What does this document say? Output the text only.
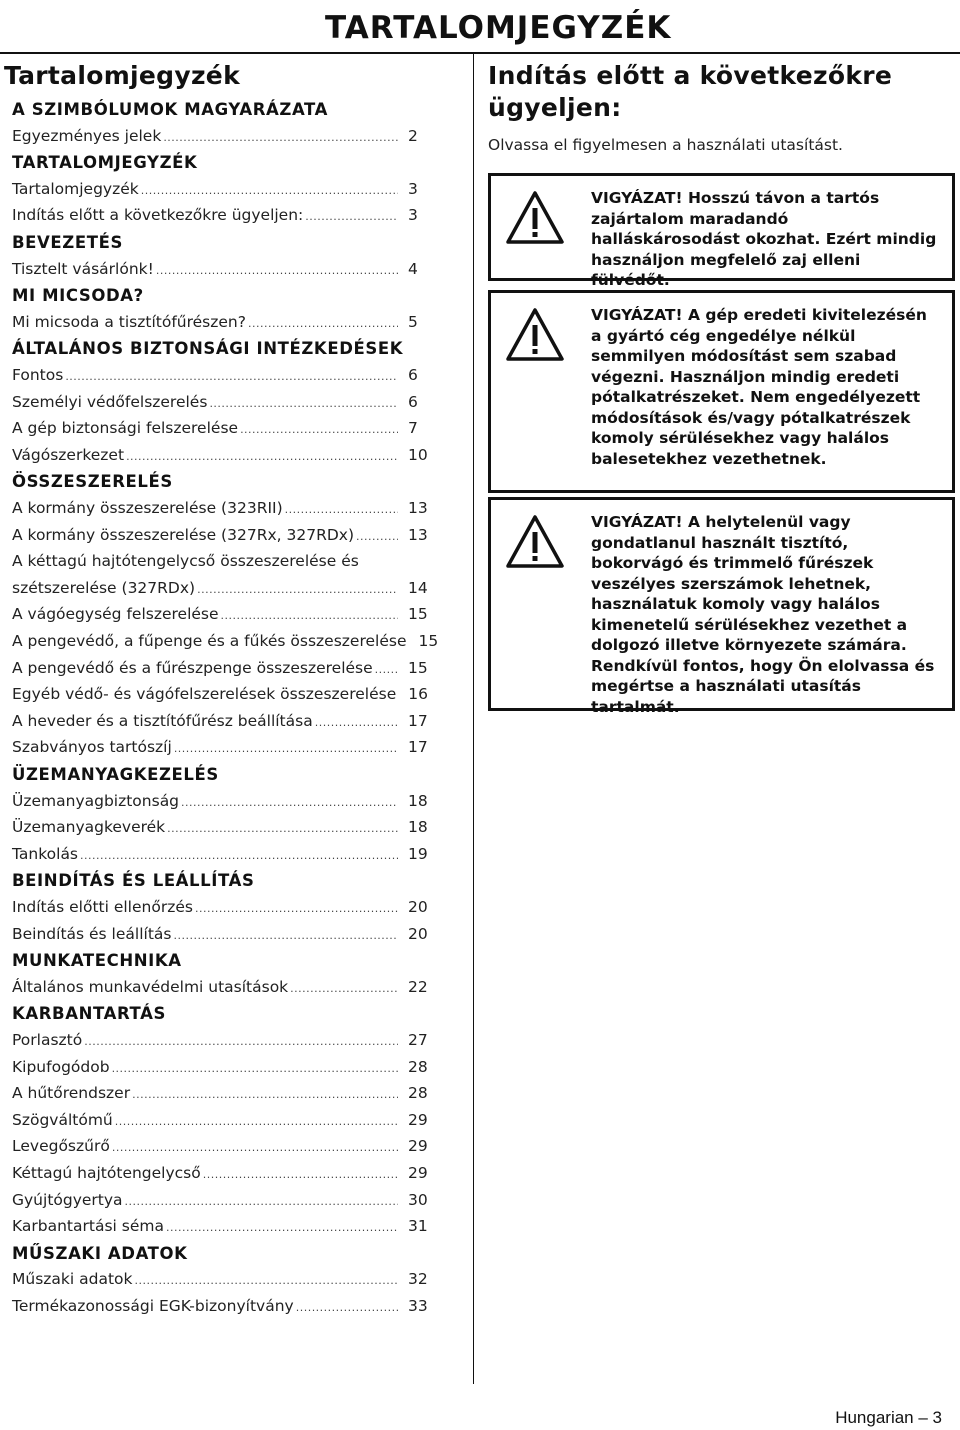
TARTALOMJEGYZÉK
Tartalomjegyzék
A SZIMBÓLUMOK MAGYARÁZATA
Egyezményes jelek .....	2
TARTALOMJEGYZÉK
Tartalomjegyzék .....	3
Indítás előtt a következőkre ügyeljen: .....	3
BEVEZETÉS
Tisztelt vásárlónk! .....	4
MI MICSODA?
Mi micsoda a tisztítófűrészen? .....	5
ÁLTALÁNOS BIZTONSÁGI INTÉZKEDÉSEK
Fontos .....	6
Személyi védőfelszerelés .....	6
A gép biztonsági felszerelése .....	7
Vágószerkezet .....	10
ÖSSZESZERELÉS
A kormány összeszerelése (323RII) .....	13
A kormány összeszerelése (327Rx, 327RDx) .....	13
A kéttagú hajtótengelycső összeszerelése és
szétszerelése (327RDx) .....	14
A vágóegység felszerelése .....	15
A pengevédő, a fűpenge és a fűkés összeszerelése 15
A pengevédő és a fűrészpenge összeszerelése .....	15
Egyéb védő- és vágófelszerelések összeszerelése 16
A heveder és a tisztítófűrész beállítása .....	17
Szabványos tartószíj .....	17
ÜZEMANYAGKEZELÉS
Üzemanyagbiztonság .....	18
Üzemanyagkeverék .....	18
Tankolás .....	19
BEINDÍTÁS ÉS LEÁLLÍTÁS
Indítás előtti ellenőrzés .....	20
Beindítás és leállítás .....	20
MUNKATECHNIKA
Általános munkavédelmi utasítások .....	22
KARBANTARTÁS
Porlasztó .....	27
Kipufogódob .....	28
A hűtőrendszer .....	28
Szögváltómű .....	29
Levegőszűrő .....	29
Kéttagú hajtótengelycső .....	29
Gyújtógyertya .....	30
Karbantartási séma .....	31
MŰSZAKI ADATOK
Műszaki adatok .....	32
Termékazonossági EGK-bizonyítvány .....	33
Indítás előtt a következőkre
ügyeljen:
Olvassa el figyelmesen a használati utasítást.
VIGYÁZAT! Hosszú távon a tartós zajártalom maradandó halláskárosodást okozhat. Ezért mindig használjon megfelelő zaj elleni fülvédőt.
VIGYÁZAT! A gép eredeti kivitelezésén a gyártó cég engedélye nélkül semmilyen módosítást sem szabad végezni. Használjon mindig eredeti pótalkatrészeket. Nem engedélyezett módosítások és/vagy pótalkatrészek komoly sérülésekhez vagy halálos balesetekhez vezethetnek.
VIGYÁZAT! A helytelenül vagy gondatlanul használt tisztító, bokorvágó és trimmelő fűrészek veszélyes szerszámok lehetnek, használatuk komoly vagy halálos kimenetelű sérülésekhez vezethet a dolgozó illetve környezete számára. Rendkívül fontos, hogy Ön elolvassa és megértse a használati utasítás tartalmát.
Hungarian – 3
